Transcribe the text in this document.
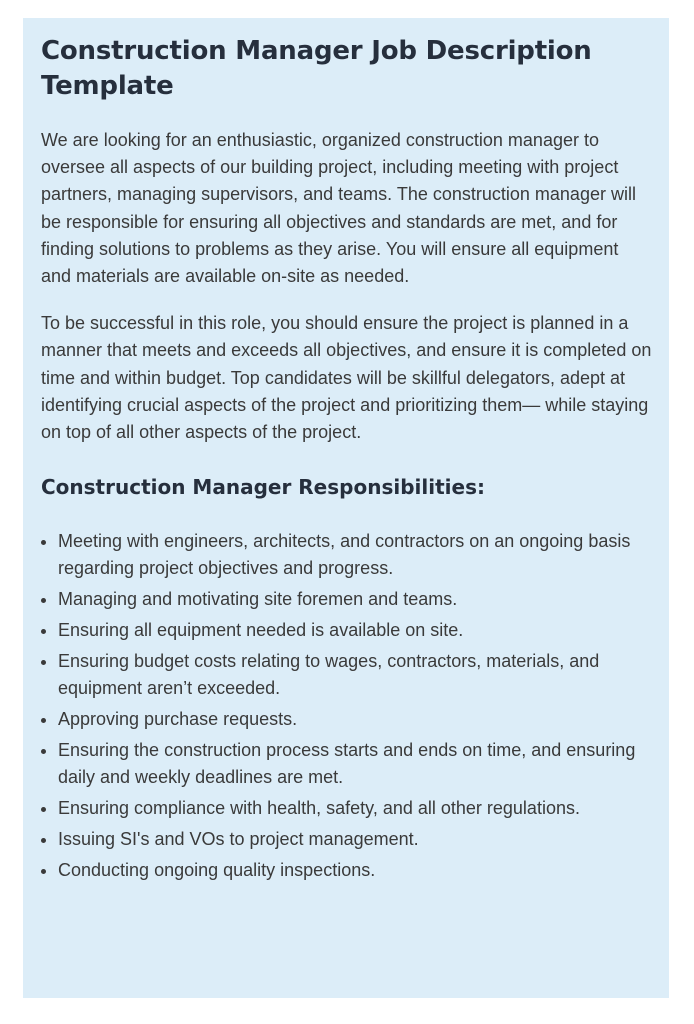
Construction Manager Job Description Template

We are looking for an enthusiastic, organized construction manager to oversee all aspects of our building project, including meeting with project partners, managing supervisors, and teams. The construction manager will be responsible for ensuring all objectives and standards are met, and for finding solutions to problems as they arise. You will ensure all equipment and materials are available on-site as needed.

To be successful in this role, you should ensure the project is planned in a manner that meets and exceeds all objectives, and ensure it is completed on time and within budget. Top candidates will be skillful delegators, adept at identifying crucial aspects of the project and prioritizing them— while staying on top of all other aspects of the project.

Construction Manager Responsibilities:
• Meeting with engineers, architects, and contractors on an ongoing basis regarding project objectives and progress.
• Managing and motivating site foremen and teams.
• Ensuring all equipment needed is available on site.
• Ensuring budget costs relating to wages, contractors, materials, and equipment aren’t exceeded.
• Approving purchase requests.
• Ensuring the construction process starts and ends on time, and ensuring daily and weekly deadlines are met.
• Ensuring compliance with health, safety, and all other regulations.
• Issuing SI's and VOs to project management.
• Conducting ongoing quality inspections.
